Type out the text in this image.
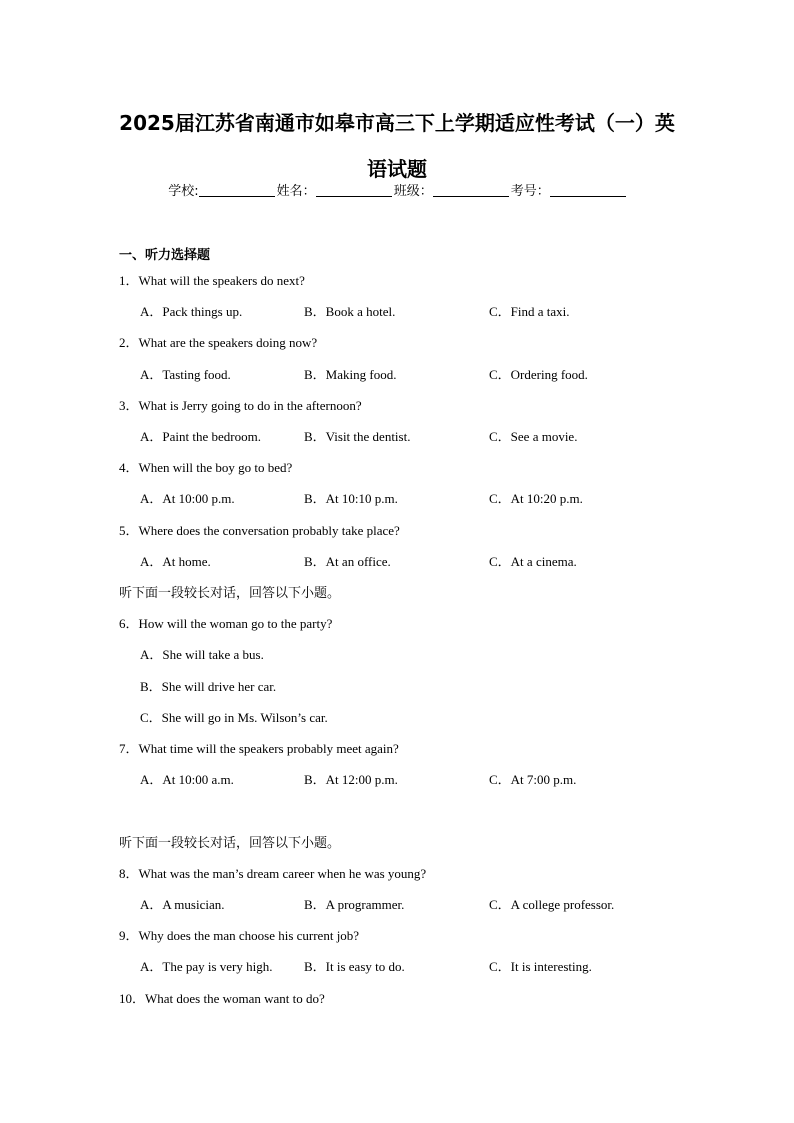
2025届江苏省南通市如皋市高三下上学期适应性考试（一）英
语试题
学校:	姓名：	班级：	考号：
一、听力选择题
1．What will the speakers do next?
A．Pack things up.	B．Book a hotel.	C．Find a taxi.
2．What are the speakers doing now?
A．Tasting food.	B．Making food.	C．Ordering food.
3．What is Jerry going to do in the afternoon?
A．Paint the bedroom.	B．Visit the dentist.	C．See a movie.
4．When will the boy go to bed?
A．At 10:00 p.m.	B．At 10:10 p.m.	C．At 10:20 p.m.
5．Where does the conversation probably take place?
A．At home.	B．At an office.	C．At a cinema.
听下面一段较长对话，回答以下小题。
6．How will the woman go to the party?
A．She will take a bus.
B．She will drive her car.
C．She will go in Ms. Wilson’s car.
7．What time will the speakers probably meet again?
A．At 10:00 a.m.	B．At 12:00 p.m.	C．At 7:00 p.m.
听下面一段较长对话，回答以下小题。
8．What was the man’s dream career when he was young?
A．A musician.	B．A programmer.	C．A college professor.
9．Why does the man choose his current job?
A．The pay is very high. B．It is easy to do.	C．It is interesting.
10．What does the woman want to do?
